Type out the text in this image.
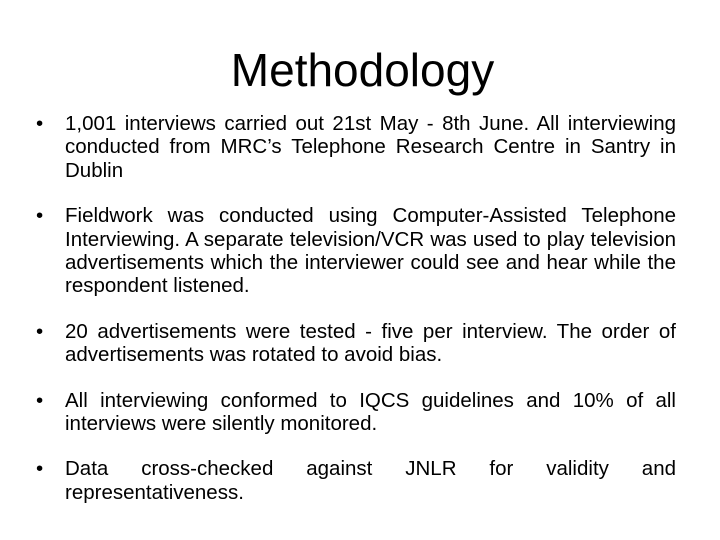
Methodology
• 1,001 interviews carried out 21st May - 8th June. All interviewing conducted from MRC’s Telephone Research Centre in Santry in Dublin
• Fieldwork was conducted using Computer-Assisted Telephone Interviewing. A separate television/VCR was used to play television advertisements which the interviewer could see and hear while the respondent listened.
• 20 advertisements were tested - five per interview. The order of advertisements was rotated to avoid bias.
• All interviewing conformed to IQCS guidelines and 10% of all interviews were silently monitored.
• Data cross-checked against JNLR for validity and representativeness.
